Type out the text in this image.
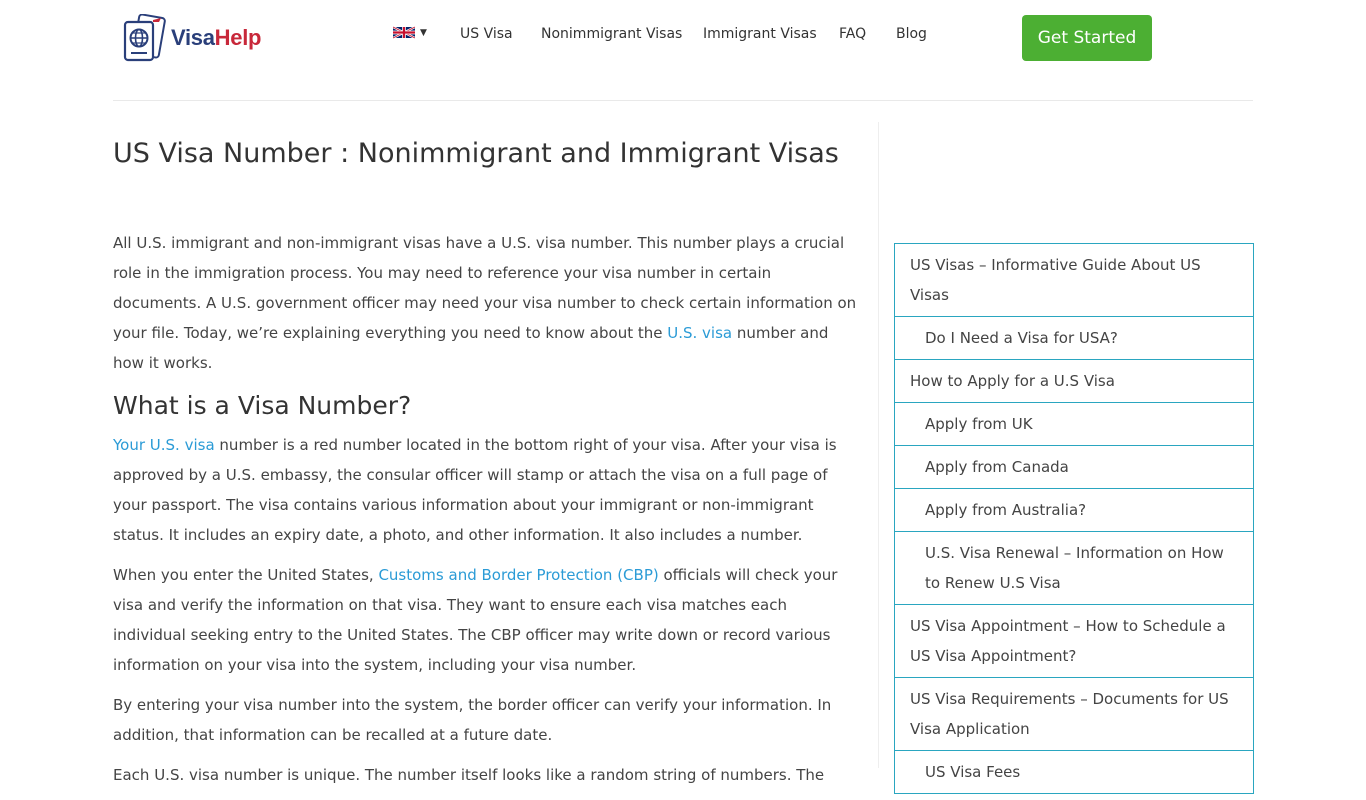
VisaHelp	▼ US Visa Nonimmigrant Visas Immigrant Visas FAQ Blog	Get Started
US Visa Number : Nonimmigrant and Immigrant Visas

All U.S. immigrant and non-immigrant visas have a U.S. visa number. This number plays a crucial role in the immigration process. You may need to reference your visa number in certain documents. A U.S. government officer may need your visa number to check certain information on your file. Today, we’re explaining everything you need to know about the U.S. visa number and how it works.

What is a Visa Number?

Your U.S. visa number is a red number located in the bottom right of your visa. After your visa is approved by a U.S. embassy, the consular officer will stamp or attach the visa on a full page of your passport. The visa contains various information about your immigrant or non-immigrant status. It includes an expiry date, a photo, and other information. It also includes a number.

When you enter the United States, Customs and Border Protection (CBP) officials will check your visa and verify the information on that visa. They want to ensure each visa matches each individual seeking entry to the United States. The CBP officer may write down or record various information on your visa into the system, including your visa number.

By entering your visa number into the system, the border officer can verify your information. In addition, that information can be recalled at a future date.

Each U.S. visa number is unique. The number itself looks like a random string of numbers. The

US Visas – Informative Guide About US Visas
Do I Need a Visa for USA?
How to Apply for a U.S Visa
Apply from UK
Apply from Canada
Apply from Australia?
U.S. Visa Renewal – Information on How to Renew U.S Visa
US Visa Appointment – How to Schedule a US Visa Appointment?
US Visa Requirements – Documents for US Visa Application
US Visa Fees
